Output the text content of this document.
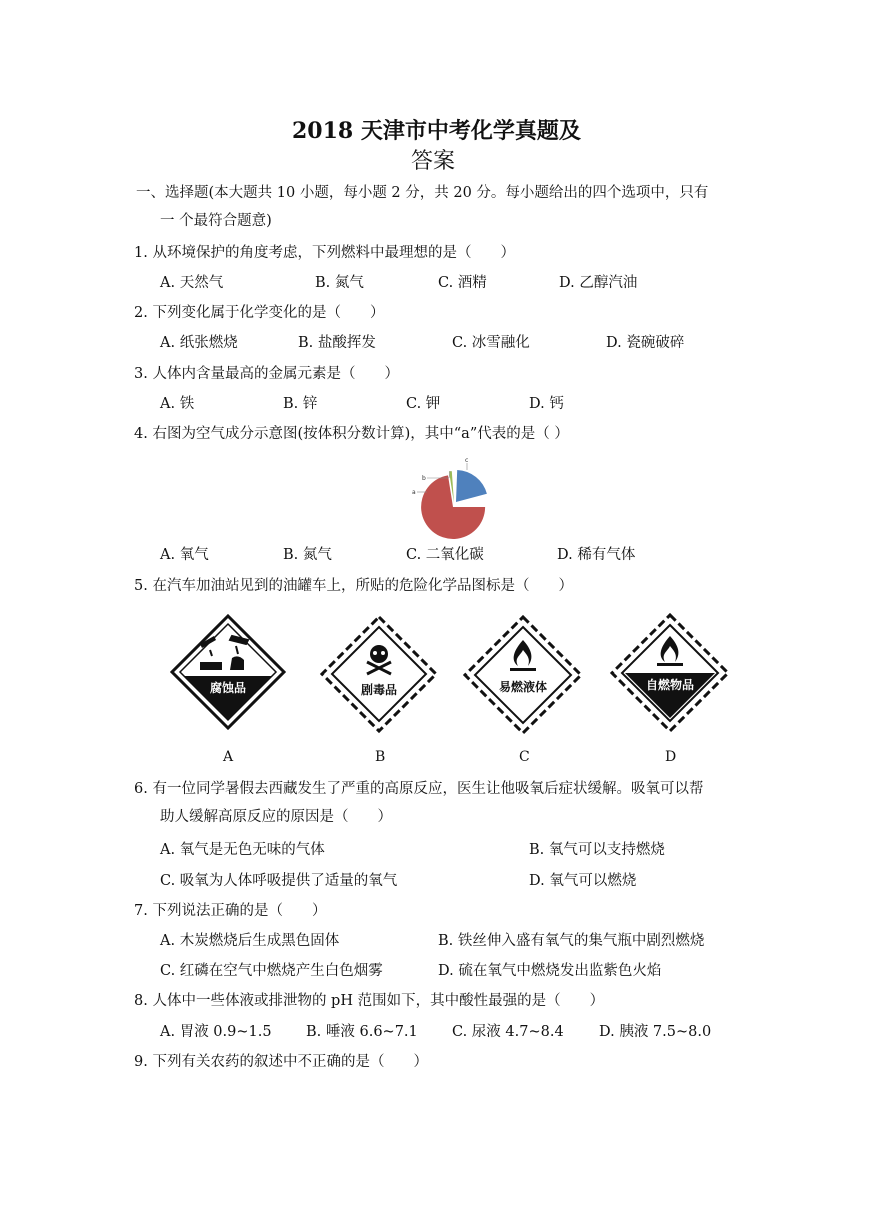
2018 天津市中考化学真题及
答案
一、选择题(本大题共 10 小题，每小题 2 分，共 20 分。每小题给出的四个选项中，只有
一 个最符合题意)
1. 从环境保护的角度考虑，下列燃料中最理想的是（　　）
A. 天然气	B. 氮气	C. 酒精	D. 乙醇汽油
2. 下列变化属于化学变化的是（　　）
A. 纸张燃烧	B. 盐酸挥发	C. 冰雪融化	D. 瓷碗破碎
3. 人体内含量最高的金属元素是（　　）
A. 铁	B. 锌	C. 钾	D. 钙
4. 右图为空气成分示意图(按体积分数计算)，其中“a”代表的是（ ）
b
a
c
A. 氧气	B. 氮气	C. 二氧化碳	D. 稀有气体
5. 在汽车加油站见到的油罐车上，所贴的危险化学品图标是（　　）
腐蚀品	剧毒品	易燃液体	自燃物品
A	B	C	D
6. 有一位同学暑假去西藏发生了严重的高原反应，医生让他吸氧后症状缓解。吸氧可以帮
助人缓解高原反应的原因是（　　）
A. 氧气是无色无味的气体	B. 氧气可以支持燃烧
C. 吸氧为人体呼吸提供了适量的氧气	D. 氧气可以燃烧
7. 下列说法正确的是（　　）
A. 木炭燃烧后生成黑色固体	B. 铁丝伸入盛有氧气的集气瓶中剧烈燃烧
C. 红磷在空气中燃烧产生白色烟雾	D. 硫在氧气中燃烧发出监紫色火焰
8. 人体中一些体液或排泄物的 pH 范围如下，其中酸性最强的是（　　）
A. 胃液 0.9~1.5 B. 唾液 6.6~7.1 C. 尿液 4.7~8.4 D. 胰液 7.5~8.0
9. 下列有关农药的叙述中不正确的是（　　）
